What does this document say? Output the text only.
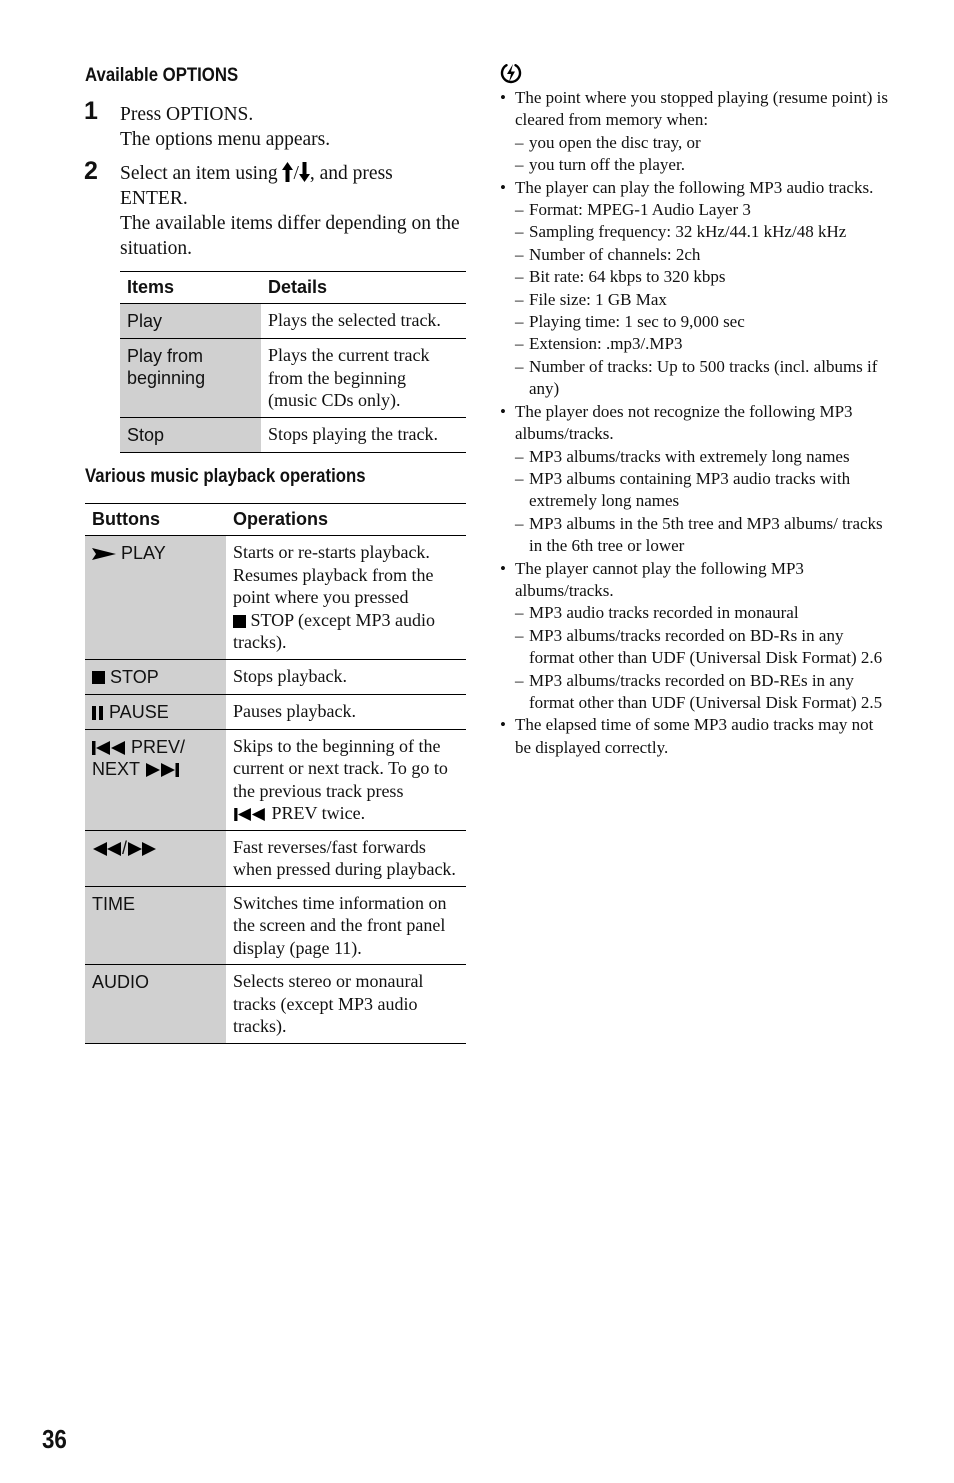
Available OPTIONS
1 Press OPTIONS.

The options menu appears.

2 Select an item using / , and press ENTER.

The available items differ depending on the situation.

Items	Details
Play	Plays the selected track.
Play from beginning	Plays the current track from the beginning (music CDs only).
Stop	Stops playing the track.
Various music playback operations
Buttons	Operations

PLAY	Starts or re-starts playback. Resumes playback from the point where you pressed

STOP (except MP3 audio tracks).

STOP	Stops playback.

PAUSE	Pauses playback.

PREV/
NEXT	Skips to the beginning of the current or next track. To go to the previous track press

PREV twice.

/	Fast reverses/fast forwards when pressed during playback.
TIME	Switches time information on the screen and the front panel display (page 11).
AUDIO	Selects stereo or monaural tracks (except MP3 audio tracks).
• The point where you stopped playing (resume point) is cleared from memory when:
– you open the disc tray, or
– you turn off the player.
• The player can play the following MP3 audio tracks.
– Format: MPEG-1 Audio Layer 3
– Sampling frequency: 32 kHz/44.1 kHz/48 kHz
– Number of channels: 2ch
– Bit rate: 64 kbps to 320 kbps
– File size: 1 GB Max
– Playing time: 1 sec to 9,000 sec
– Extension: .mp3/.MP3
– Number of tracks: Up to 500 tracks (incl. albums if any)
• The player does not recognize the following MP3 albums/tracks.
– MP3 albums/tracks with extremely long names
– MP3 albums containing MP3 audio tracks with extremely long names
– MP3 albums in the 5th tree and MP3 albums/ tracks in the 6th tree or lower
• The player cannot play the following MP3 albums/tracks.
– MP3 audio tracks recorded in monaural
– MP3 albums/tracks recorded on BD-Rs in any format other than UDF (Universal Disk Format) 2.6
– MP3 albums/tracks recorded on BD-REs in any format other than UDF (Universal Disk Format) 2.5
• The elapsed time of some MP3 audio tracks may not be displayed correctly.
36
